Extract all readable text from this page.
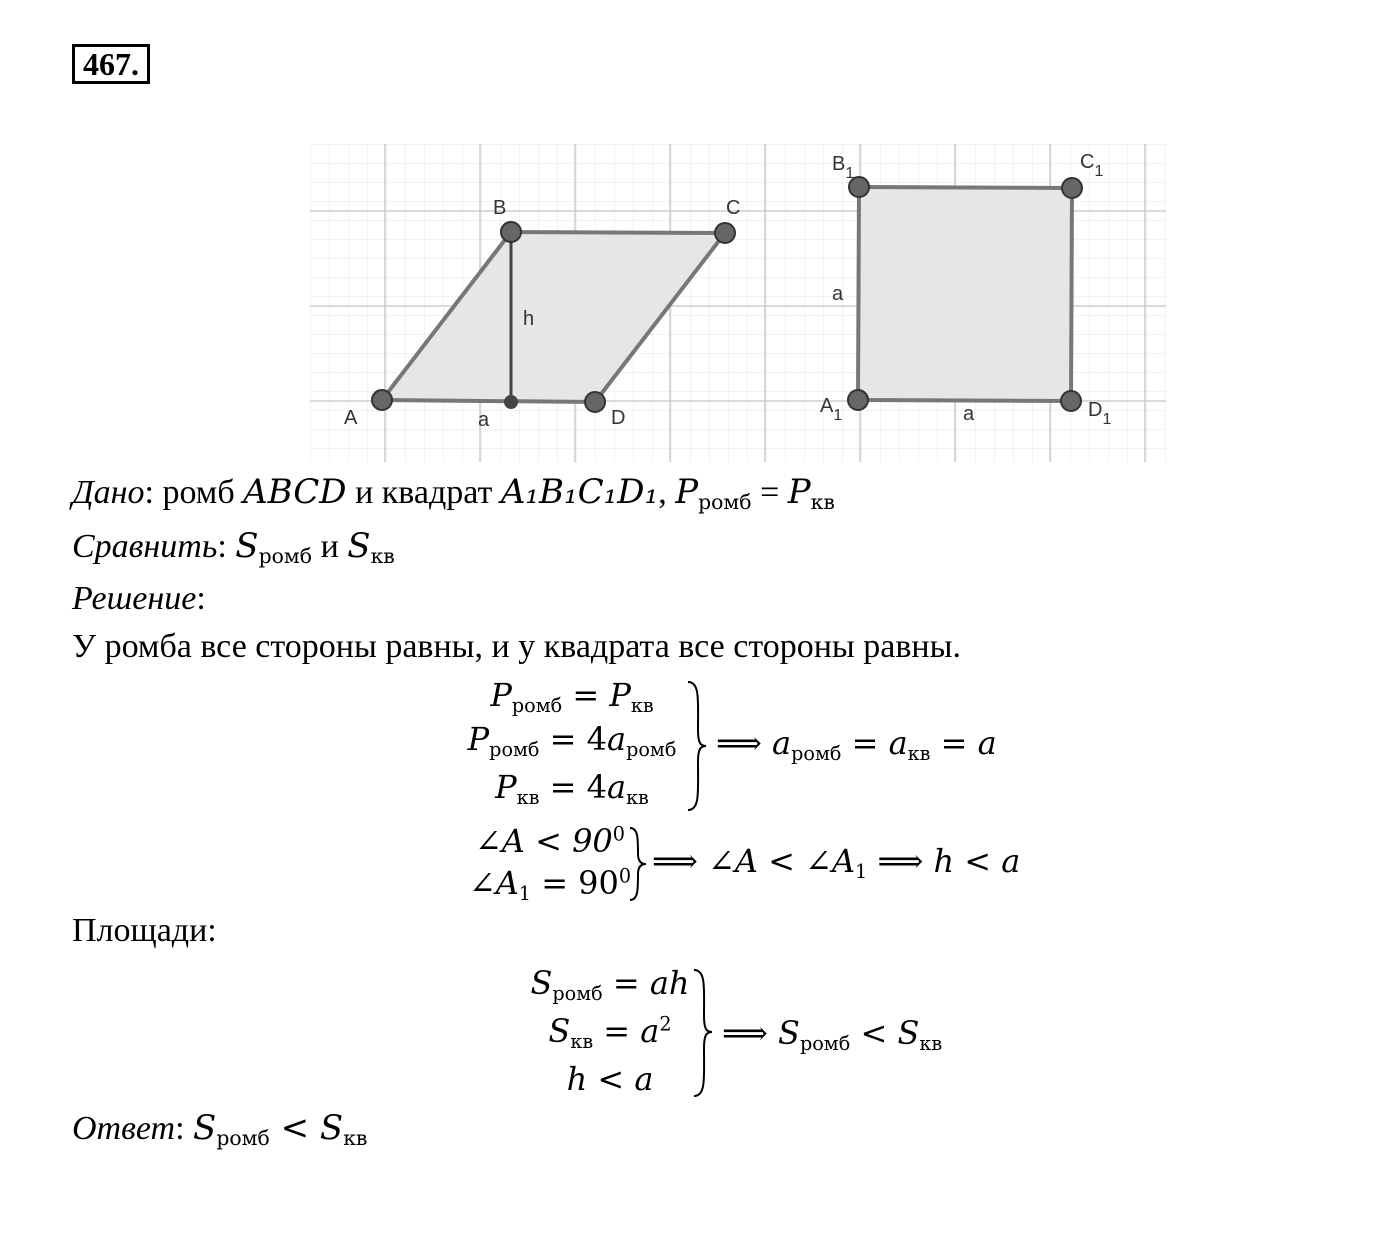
467.
A
B	C
D
a
h
$B_1$
$C_1$
$A_1$	$D_1$
a
a
Дано: ромб ABCD и квадрат A₁B₁C₁D₁, $P_{ромб} = P_{кв}$
Сравнить: $S_{ромб}$ и $S_{кв}$
Решение:
У ромба все стороны равны, и у квадрата все стороны равны.
$P_{ромб} = P_{кв}$
$P_{ромб} = 4a_{ромб}$
$P_{кв} = 4a_{кв}$
⟹ $a_{ромб} = a_{кв} = a$
∠A < $90^0$
$\angle A_1 = 90^0$ ⟹ ∠A < $\angle A_1$ ⟹ h < a
Площади:
$S_{ромб}$ = ah
$S_{кв} = a^2$
h < a
⟹ $S_{ромб} < S_{кв}$
Ответ: $S_{ромб} < S_{кв}$
